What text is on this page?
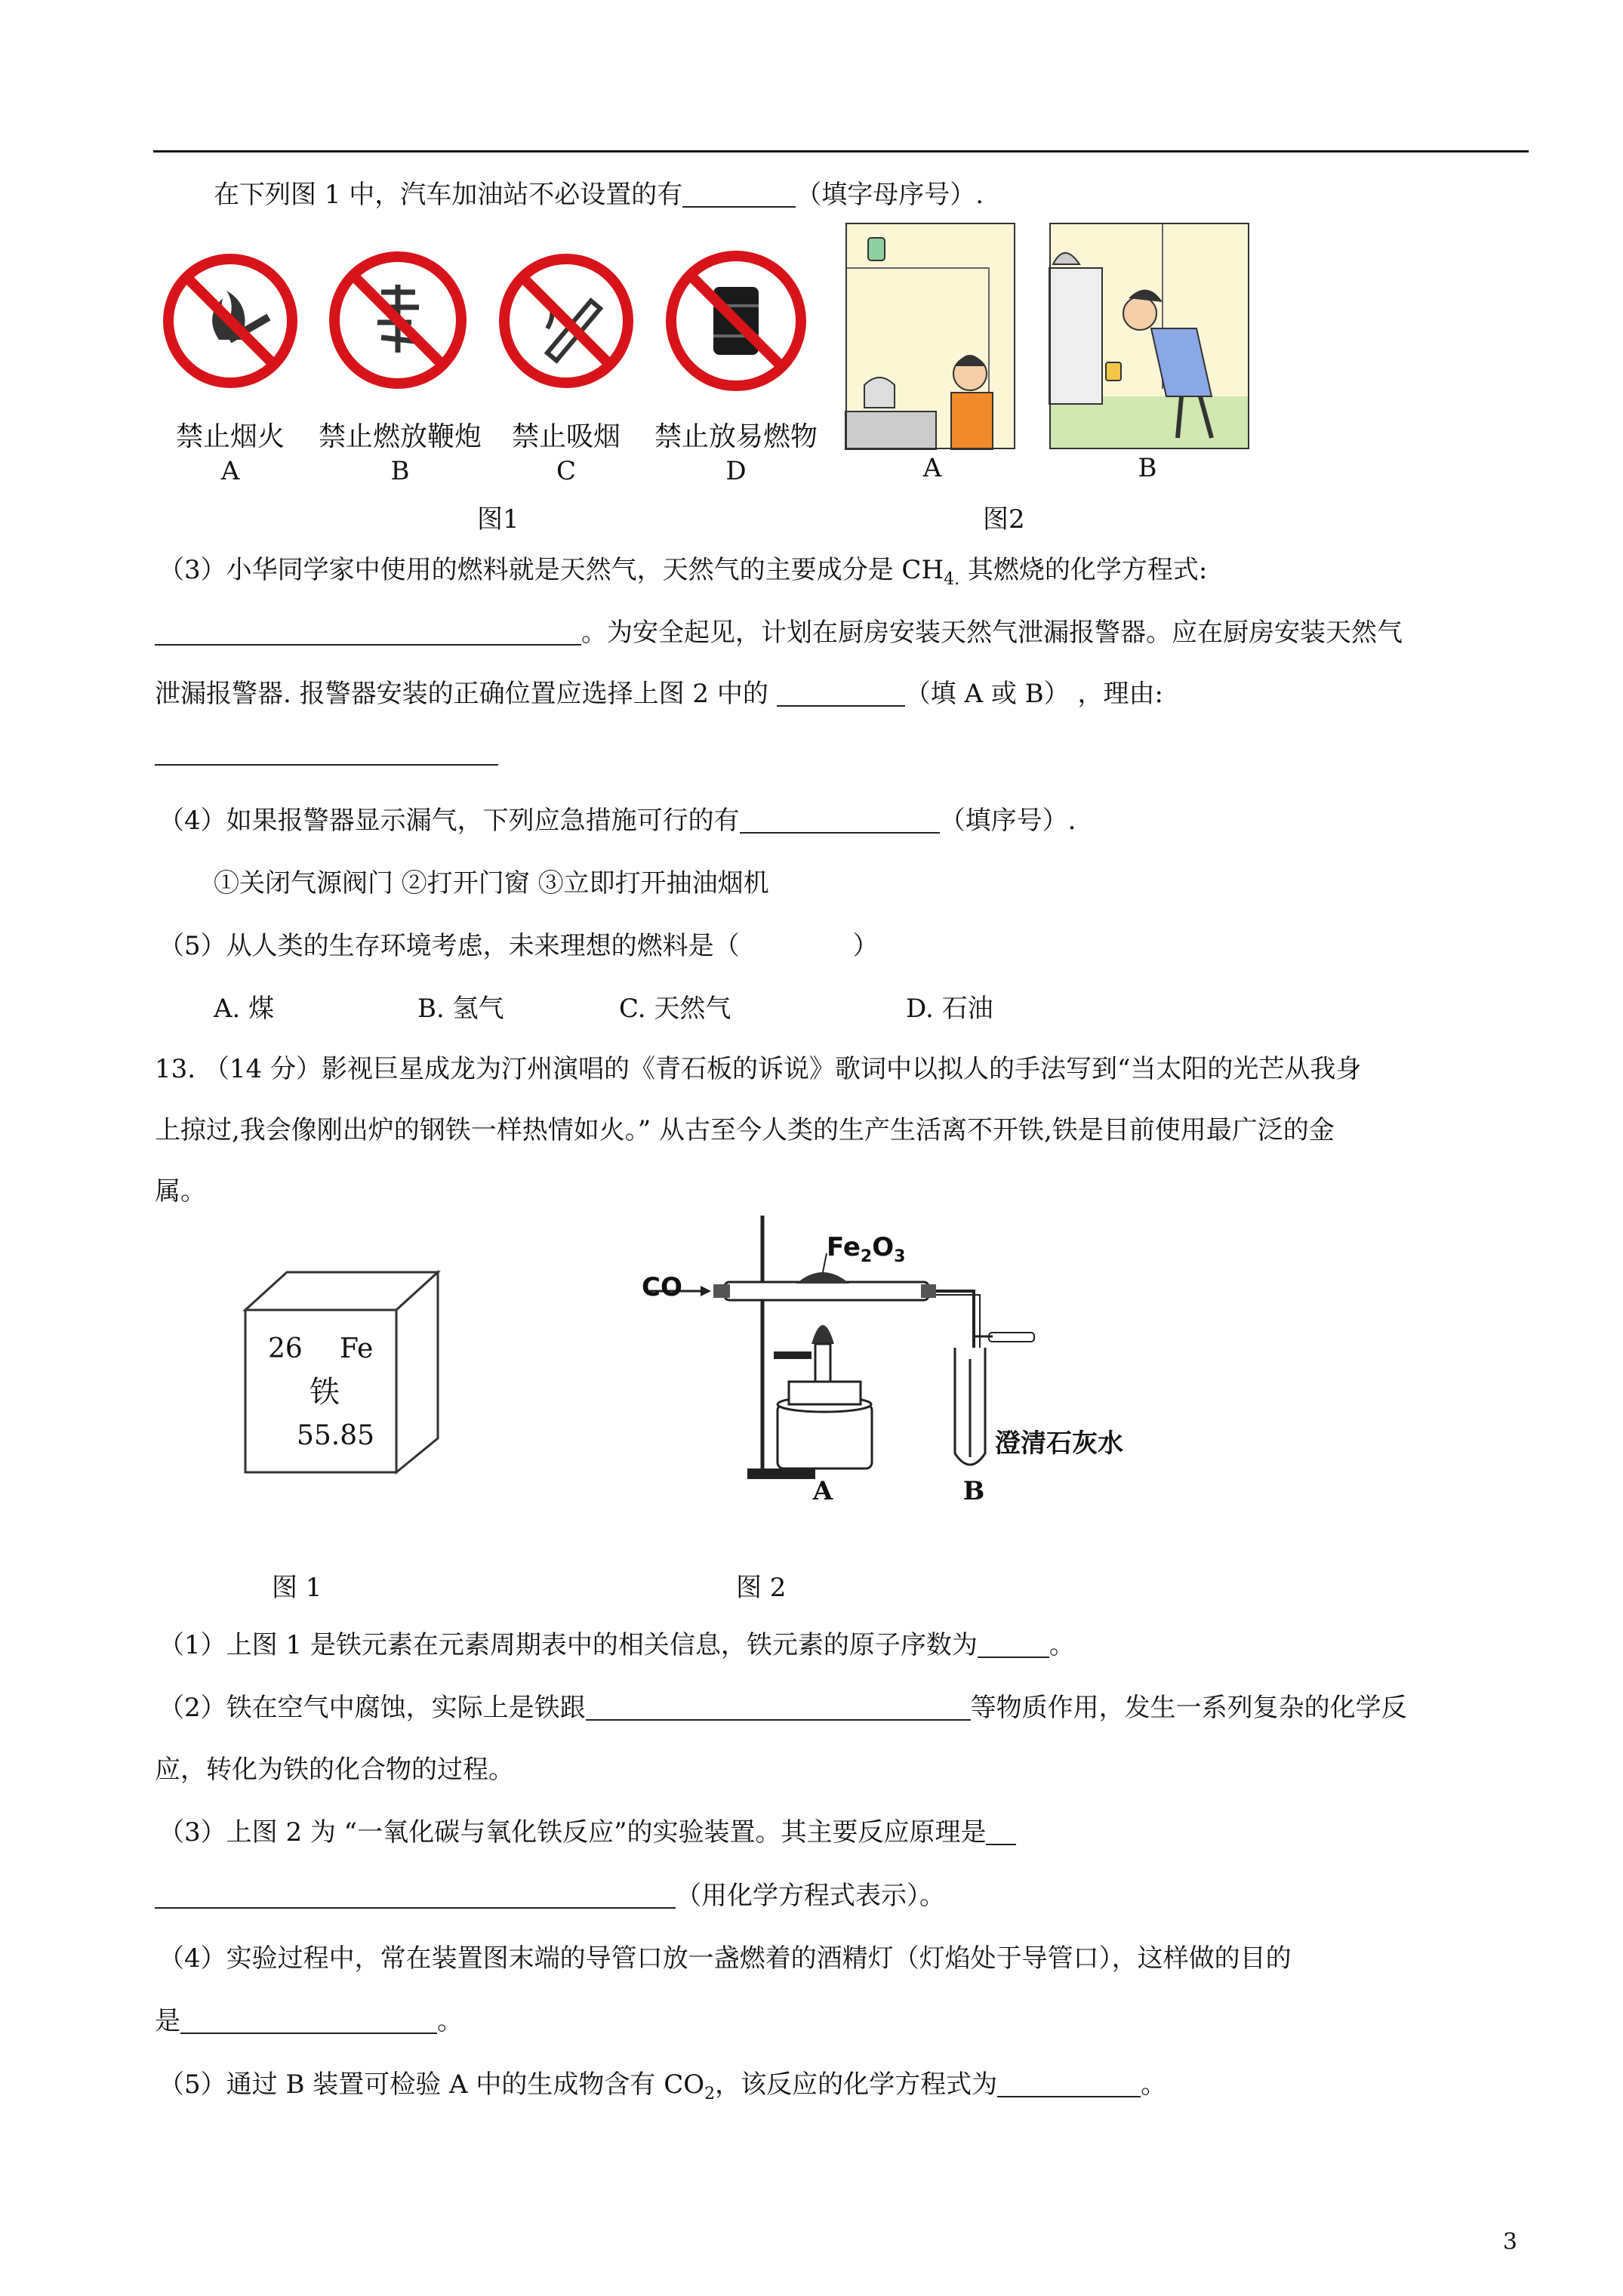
在下列图 1 中，汽车加油站不必设置的有	（填字母序号）.
禁止烟火	禁止燃放鞭炮	禁止吸烟	禁止放易燃物
A	B	C	D
图1
A	B
图2
（3）小华同学家中使用的燃料就是天然气，天然气的主要成分是 $CH_{4.}$ 其燃烧的化学方程式:
。为安全起见，计划在厨房安装天然气泄漏报警器。应在厨房安装天然气
泄漏报警器. 报警器安装的正确位置应选择上图 2 中的	（填 A 或 B） ，理由:
（4）如果报警器显示漏气，下列应急措施可行的有	（填序号）.
①关闭气源阀门 ②打开门窗 ③立即打开抽油烟机
（5）从人类的生存环境考虑，未来理想的燃料是（	）
A. 煤	B. 氢气	C. 天然气	D. 石油
13. （14 分）影视巨星成龙为汀州演唱的《青石板的诉说》歌词中以拟人的手法写到“当太阳的光芒从我身
上掠过,我会像刚出炉的钢铁一样热情如火。” 从古至今人类的生产生活离不开铁,铁是目前使用最广泛的金
属。
26 Fe
铁
55.85
CO
$Fe_2O_3$
澄清石灰水
A	B
图 1	图 2
（1）上图 1 是铁元素在元素周期表中的相关信息，铁元素的原子序数为	。
（2）铁在空气中腐蚀，实际上是铁跟	等物质作用，发生一系列复杂的化学反
应，转化为铁的化合物的过程。
（3）上图 2 为 “一氧化碳与氧化铁反应”的实验装置。其主要反应原理是
（用化学方程式表示）。
（4）实验过程中，常在装置图末端的导管口放一盏燃着的酒精灯（灯焰处于导管口），这样做的目的
是	。
（5）通过 B 装置可检验 A 中的生成物含有 $CO_2$，该反应的化学方程式为	。
3
